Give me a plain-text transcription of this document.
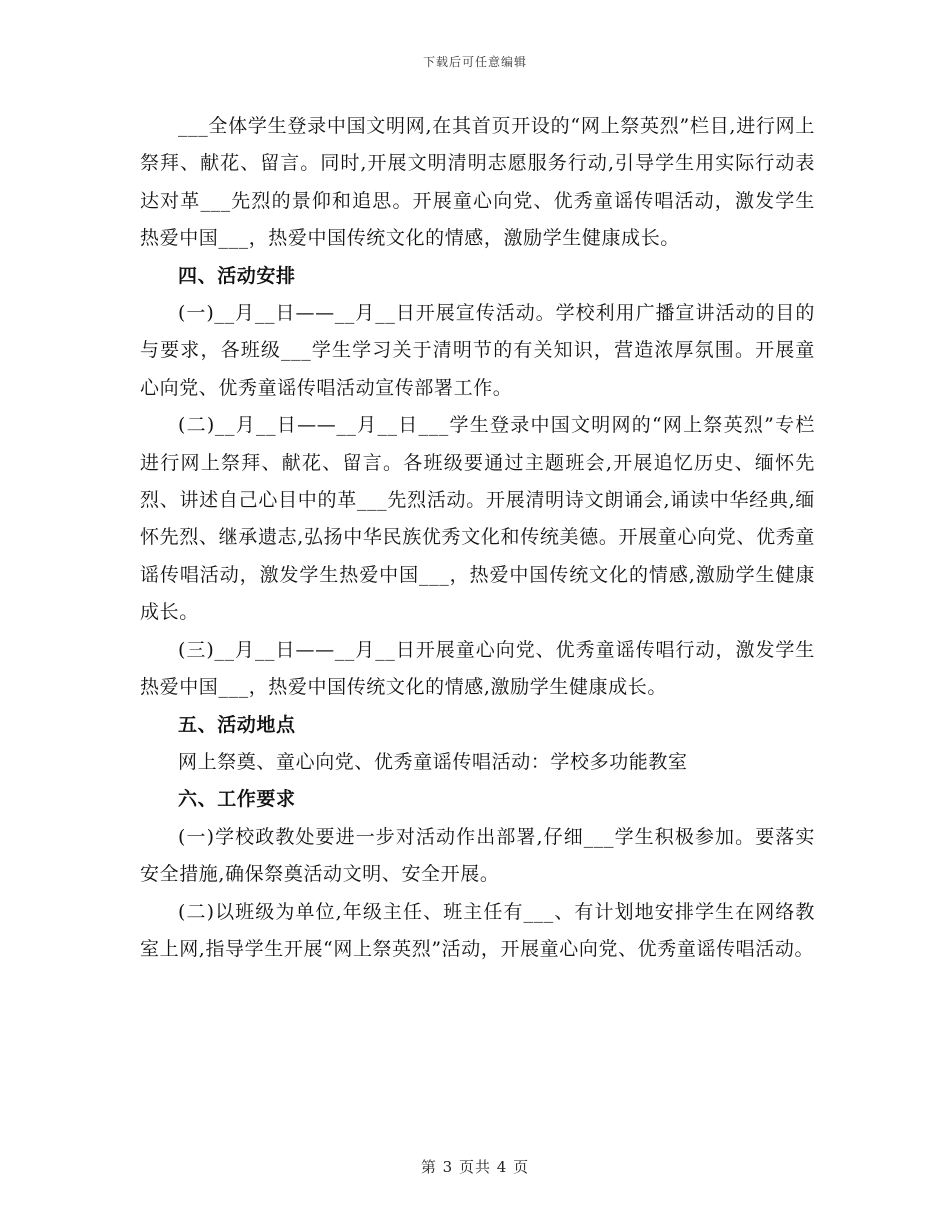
下载后可任意编辑

___全体学生登录中国文明网,在其首页开设的“网上祭英烈”栏目,进行网上祭拜、献花、留言。同时,开展文明清明志愿服务行动,引导学生用实际行动表达对革___先烈的景仰和追思。开展童心向党、优秀童谣传唱活动，激发学生热爱中国___，热爱中国传统文化的情感，激励学生健康成长。

四、活动安排

(一)__月__日——__月__日开展宣传活动。学校利用广播宣讲活动的目的与要求，各班级___学生学习关于清明节的有关知识，营造浓厚氛围。开展童心向党、优秀童谣传唱活动宣传部署工作。

(二)__月__日——__月__日___学生登录中国文明网的“网上祭英烈”专栏进行网上祭拜、献花、留言。各班级要通过主题班会,开展追忆历史、缅怀先烈、讲述自己心目中的革___先烈活动。开展清明诗文朗诵会,诵读中华经典,缅怀先烈、继承遗志,弘扬中华民族优秀文化和传统美德。开展童心向党、优秀童谣传唱活动，激发学生热爱中国___，热爱中国传统文化的情感,激励学生健康成长。

(三)__月__日——__月__日开展童心向党、优秀童谣传唱行动，激发学生热爱中国___，热爱中国传统文化的情感,激励学生健康成长。

五、活动地点

网上祭奠、童心向党、优秀童谣传唱活动：学校多功能教室

六、工作要求

(一)学校政教处要进一步对活动作出部署,仔细___学生积极参加。要落实安全措施,确保祭奠活动文明、安全开展。

(二)以班级为单位,年级主任、班主任有___、有计划地安排学生在网络教室上网,指导学生开展“网上祭英烈”活动，开展童心向党、优秀童谣传唱活动。

第 3 页共 4 页
